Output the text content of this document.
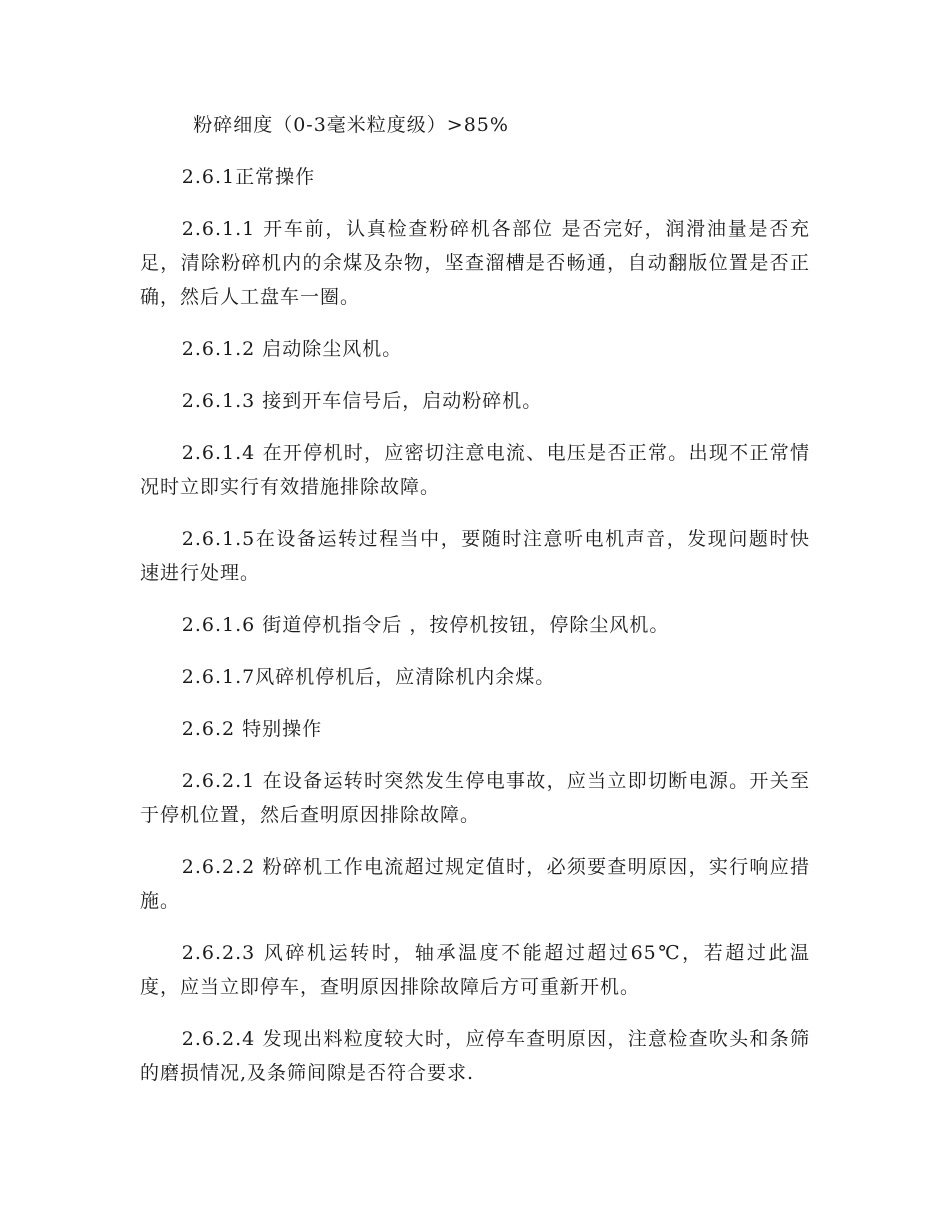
粉碎细度（0-3毫米粒度级）>85%

2.6.1正常操作

2.6.1.1 开车前，认真检查粉碎机各部位 是否完好，润滑油量是否充足，清除粉碎机内的余煤及杂物，坚查溜槽是否畅通，自动翻版位置是否正确，然后人工盘车一圈。

2.6.1.2 启动除尘风机。

2.6.1.3 接到开车信号后，启动粉碎机。

2.6.1.4 在开停机时，应密切注意电流、电压是否正常。出现不正常情况时立即实行有效措施排除故障。

2.6.1.5在设备运转过程当中，要随时注意听电机声音，发现问题时快速进行处理。

2.6.1.6 街道停机指令后 ，按停机按钮，停除尘风机。

2.6.1.7风碎机停机后，应清除机内余煤。

2.6.2 特别操作

2.6.2.1 在设备运转时突然发生停电事故，应当立即切断电源。开关至于停机位置，然后查明原因排除故障。

2.6.2.2 粉碎机工作电流超过规定值时，必须要查明原因，实行响应措施。

2.6.2.3 风碎机运转时，轴承温度不能超过超过65℃，若超过此温度，应当立即停车，查明原因排除故障后方可重新开机。

2.6.2.4 发现出料粒度较大时，应停车查明原因，注意检查吹头和条筛的磨损情况,及条筛间隙是否符合要求.
